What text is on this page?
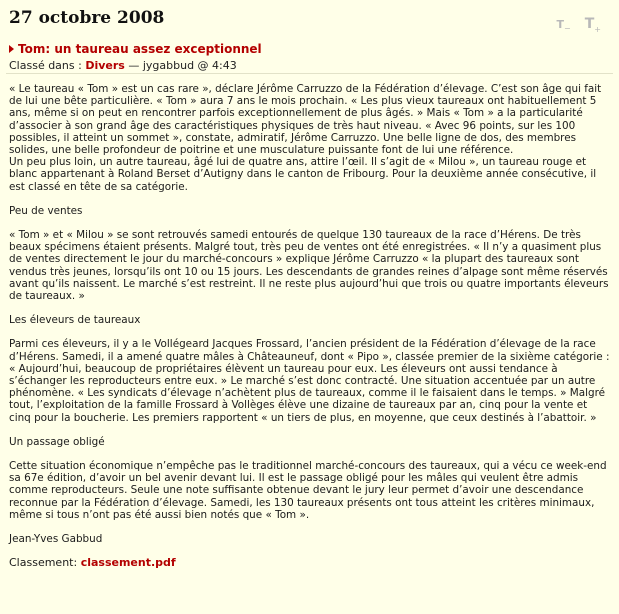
27 octobre 2008	$T_-$ $T_+$
Tom: un taureau assez exceptionnel
Classé dans : Divers — jygabbud @ 4:43

« Le taureau « Tom » est un cas rare », déclare Jérôme Carruzzo de la Fédération d’élevage. C’est son âge qui fait de lui une bête particulière. « Tom » aura 7 ans le mois prochain. « Les plus vieux taureaux ont habituellement 5 ans, même si on peut en rencontrer parfois exceptionnellement de plus âgés. » Mais « Tom » a la particularité d’associer à son grand âge des caractéristiques physiques de très haut niveau. « Avec 96 points, sur les 100 possibles, il atteint un sommet », constate, admiratif, Jérôme Carruzzo. Une belle ligne de dos, des membres solides, une belle profondeur de poitrine et une musculature puissante font de lui une référence.
Un peu plus loin, un autre taureau, âgé lui de quatre ans, attire l’œil. Il s’agit de « Milou », un taureau rouge et blanc appartenant à Roland Berset d’Autigny dans le canton de Fribourg. Pour la deuxième année consécutive, il est classé en tête de sa catégorie.

Peu de ventes

« Tom » et « Milou » se sont retrouvés samedi entourés de quelque 130 taureaux de la race d’Hérens. De très beaux spécimens étaient présents. Malgré tout, très peu de ventes ont été enregistrées. « Il n’y a quasiment plus de ventes directement le jour du marché-concours » explique Jérôme Carruzzo « la plupart des taureaux sont vendus très jeunes, lorsqu’ils ont 10 ou 15 jours. Les descendants de grandes reines d’alpage sont même réservés avant qu’ils naissent. Le marché s’est restreint. Il ne reste plus aujourd’hui que trois ou quatre importants éleveurs de taureaux. »

Les éleveurs de taureaux

Parmi ces éleveurs, il y a le Vollégeard Jacques Frossard, l’ancien président de la Fédération d’élevage de la race d’Hérens. Samedi, il a amené quatre mâles à Châteauneuf, dont « Pipo », classée premier de la sixième catégorie : « Aujourd’hui, beaucoup de propriétaires élèvent un taureau pour eux. Les éleveurs ont aussi tendance à s’échanger les reproducteurs entre eux. » Le marché s’est donc contracté. Une situation accentuée par un autre phénomène. « Les syndicats d’élevage n’achètent plus de taureaux, comme il le faisaient dans le temps. » Malgré tout, l’exploitation de la famille Frossard à Vollèges élève une dizaine de taureaux par an, cinq pour la vente et cinq pour la boucherie. Les premiers rapportent « un tiers de plus, en moyenne, que ceux destinés à l’abattoir. »

Un passage obligé

Cette situation économique n’empêche pas le traditionnel marché-concours des taureaux, qui a vécu ce week-end sa 67e édition, d’avoir un bel avenir devant lui. Il est le passage obligé pour les mâles qui veulent être admis comme reproducteurs. Seule une note suffisante obtenue devant le jury leur permet d’avoir une descendance reconnue par la Fédération d’élevage. Samedi, les 130 taureaux présents ont tous atteint les critères minimaux, même si tous n’ont pas été aussi bien notés que « Tom ».

Jean-Yves Gabbud

Classement: classement.pdf
